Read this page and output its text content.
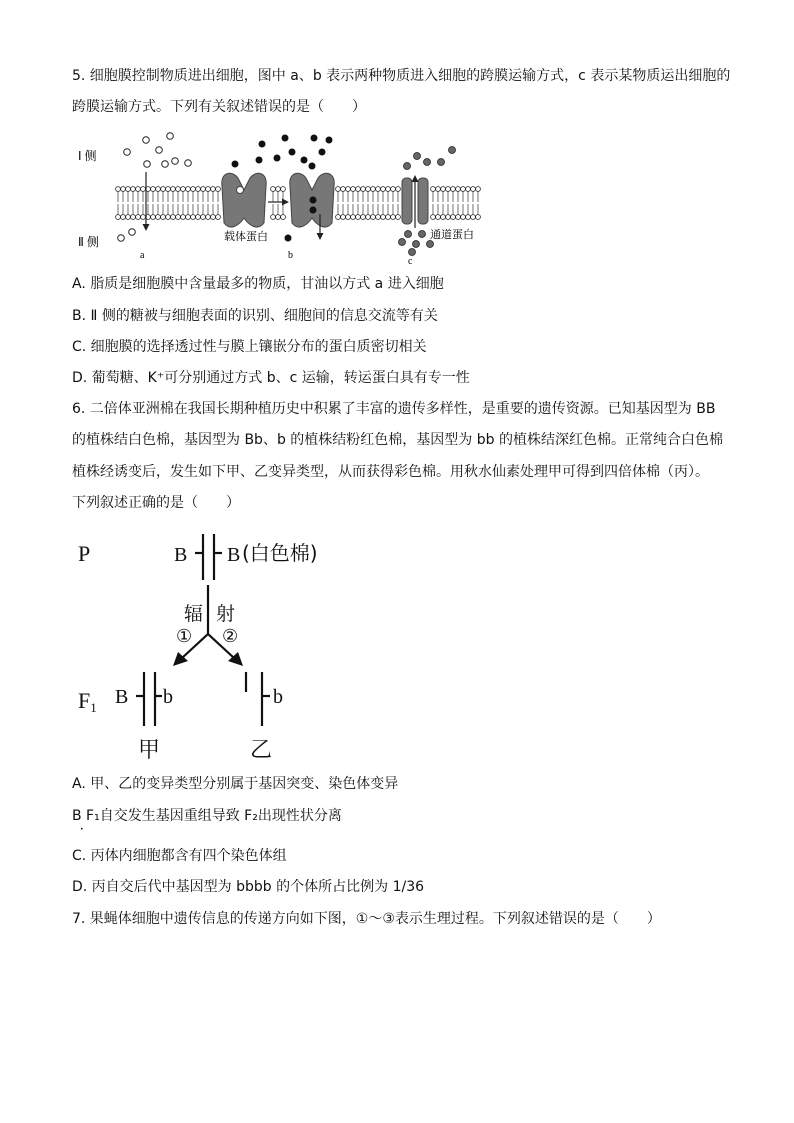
5. 细胞膜控制物质进出细胞，图中 a、b 表示两种物质进入细胞的跨膜运输方式，c 表示某物质运出细胞的
跨膜运输方式。下列有关叙述错误的是（　　）
Ⅰ 侧
Ⅱ 侧
a
载体蛋白
b
c
通道蛋白
A. 脂质是细胞膜中含量最多的物质，甘油以方式 a 进入细胞
B. Ⅱ 侧的糖被与细胞表面的识别、细胞间的信息交流等有关
C. 细胞膜的选择透过性与膜上镶嵌分布的蛋白质密切相关
D. 葡萄糖、K⁺可分别通过方式 b、c 运输，转运蛋白具有专一性
6. 二倍体亚洲棉在我国长期种植历史中积累了丰富的遗传多样性，是重要的遗传资源。已知基因型为 BB
的植株结白色棉，基因型为 Bb、b 的植株结粉红色棉，基因型为 bb 的植株结深红色棉。正常纯合白色棉
植株经诱变后，发生如下甲、乙变异类型，从而获得彩色棉。用秋水仙素处理甲可得到四倍体棉（丙）。
下列叙述正确的是（　　）
P	B B (白色棉)
辐 射
① ②
F1 B b	b
甲	乙
A. 甲、乙的变异类型分别属于基因突变、染色体变异
B F₁自交发生基因重组导致 F₂出现性状分离
•
C. 丙体内细胞都含有四个染色体组
D. 丙自交后代中基因型为 bbbb 的个体所占比例为 1/36
7. 果蝇体细胞中遗传信息的传递方向如下图，①～③表示生理过程。下列叙述错误的是（　　）
